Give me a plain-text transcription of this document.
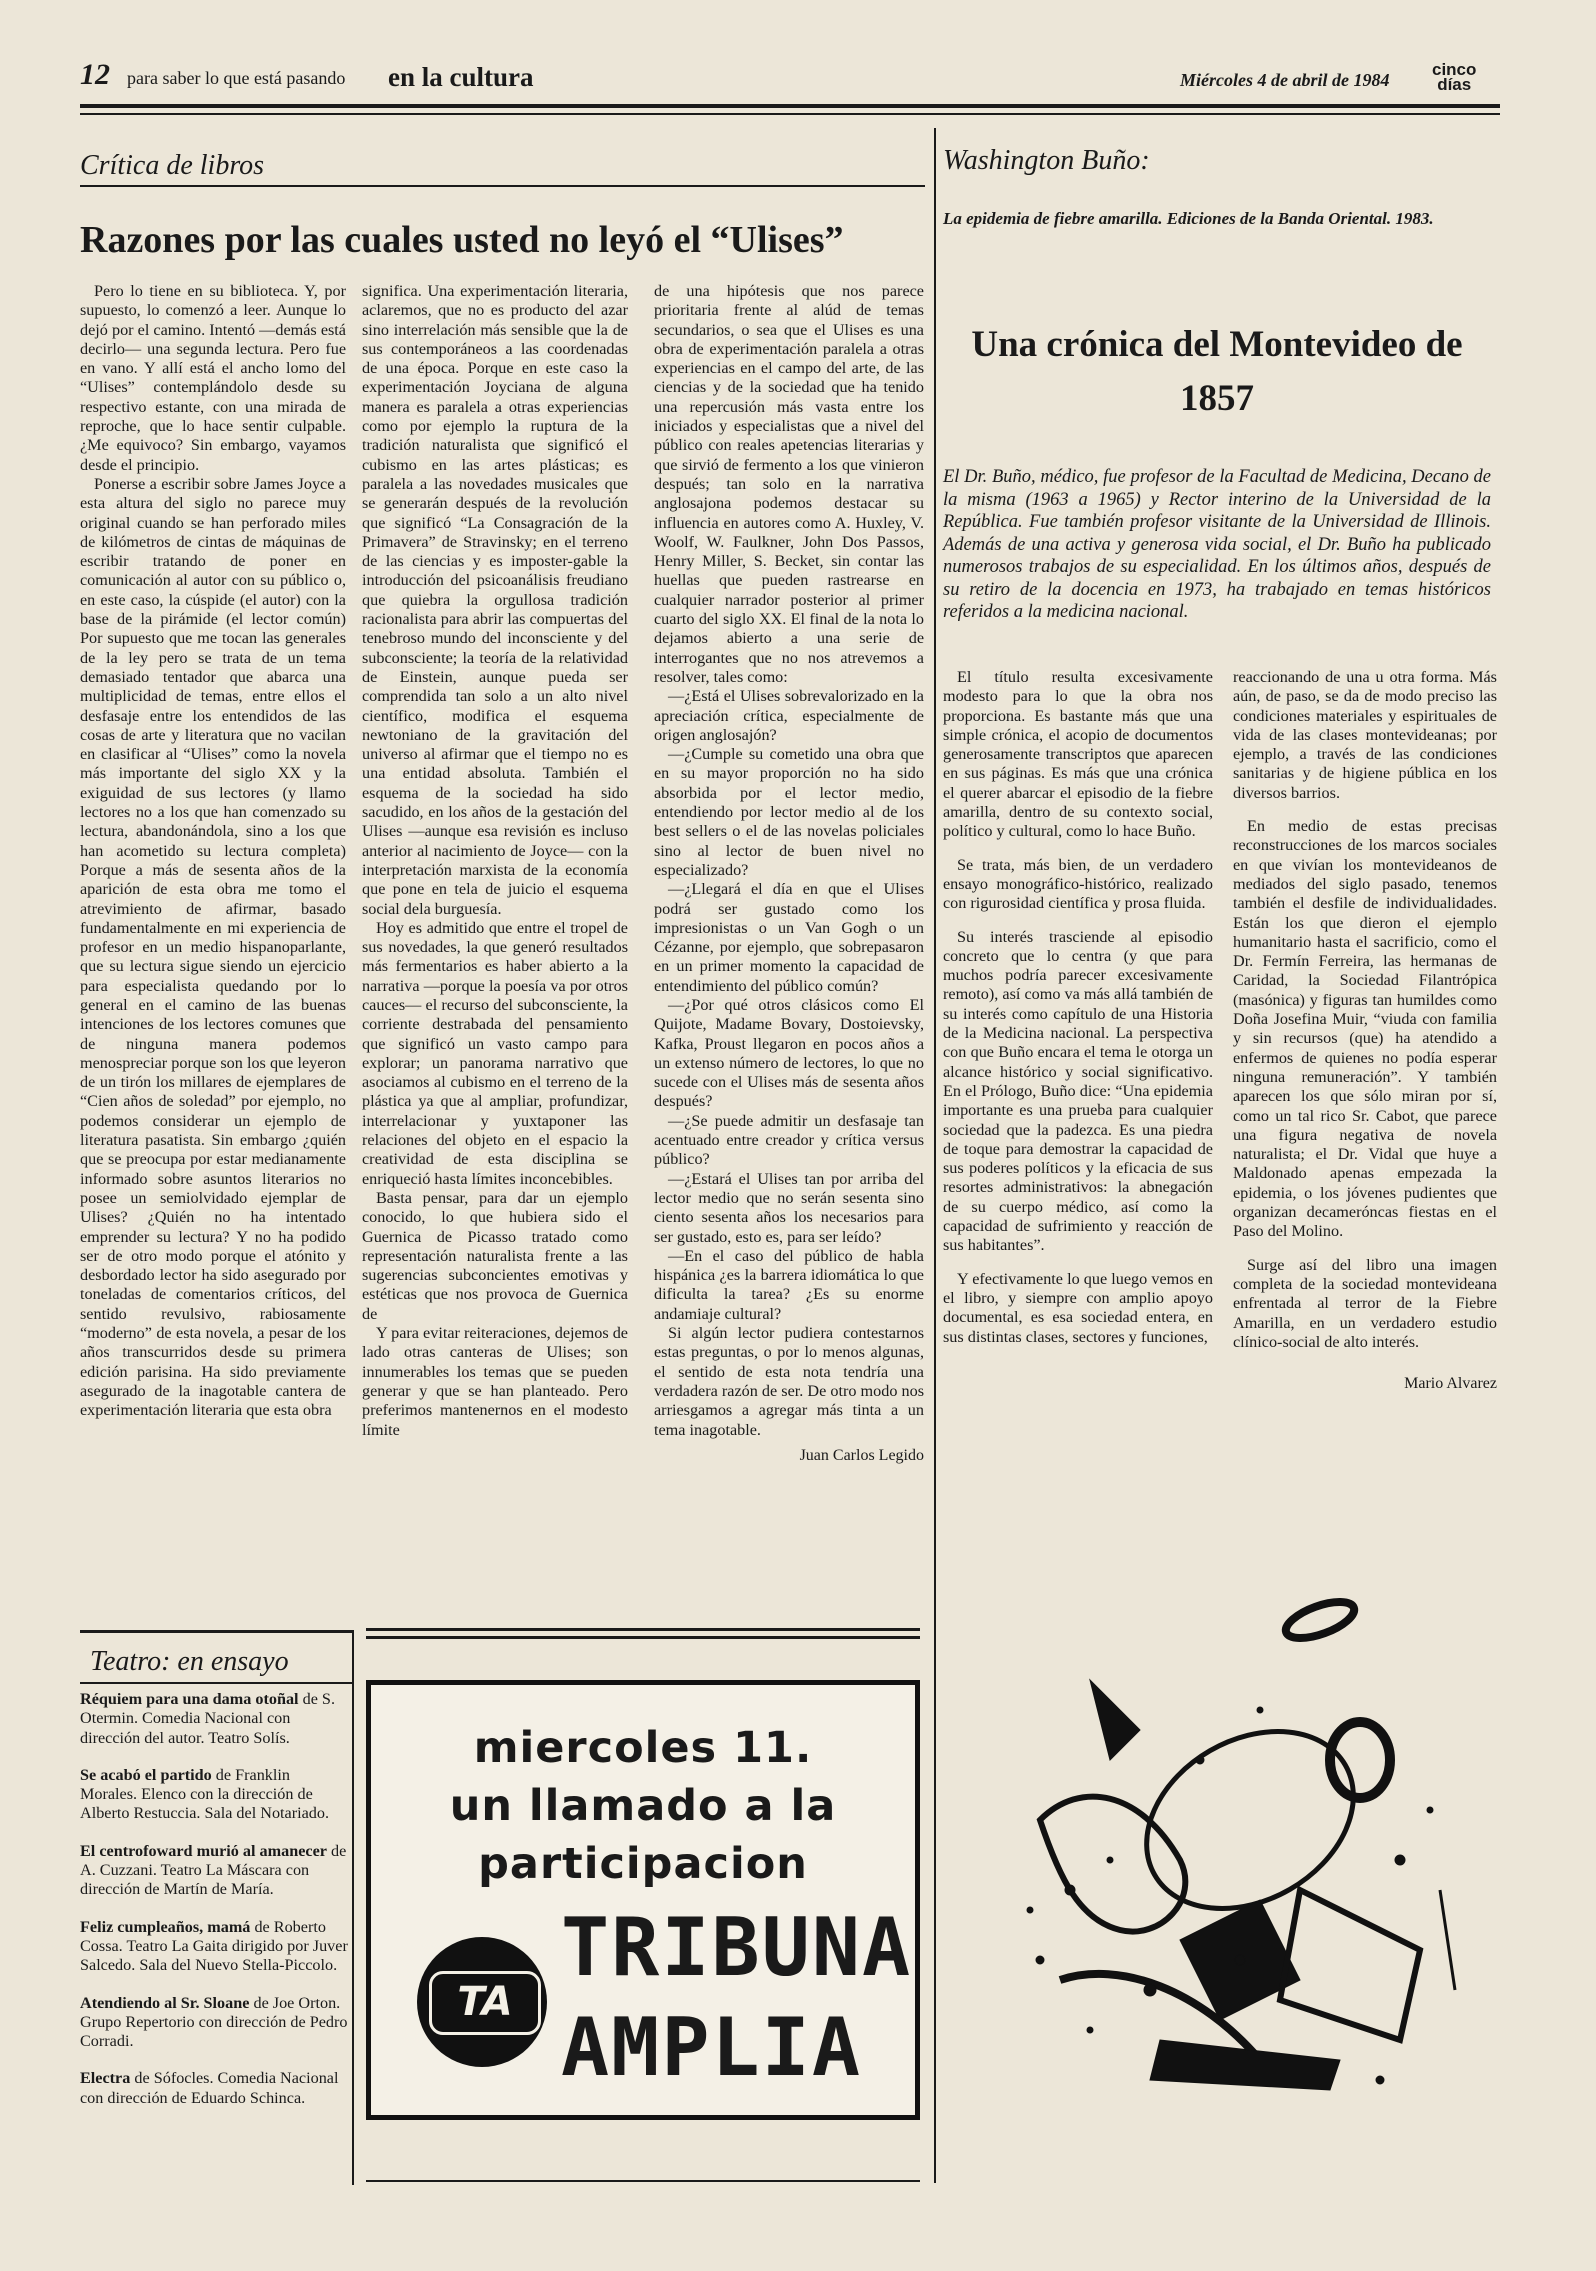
12 para saber lo que está pasando en la cultura	Miércoles 4 de abril de 1984
cinco
días
Crítica de libros
Razones por las cuales usted no leyó el “Ulises”

Pero lo tiene en su biblioteca. Y, por supuesto, lo comenzó a leer. Aunque lo dejó por el camino. Intentó —demás está decirlo— una segunda lectura. Pero fue en vano. Y allí está el ancho lomo del “Ulises” contemplándolo desde su respectivo estante, con una mirada de reproche, que lo hace sentir culpable. ¿Me equivoco? Sin embargo, vayamos desde el principio.

Ponerse a escribir sobre James Joyce a esta altura del siglo no parece muy original cuando se han perforado miles de kilómetros de cintas de máquinas de escribir tratando de poner en comunicación al autor con su público o, en este caso, la cúspide (el autor) con la base de la pirámide (el lector común) Por supuesto que me tocan las generales de la ley pero se trata de un tema demasiado tentador que abarca una multiplicidad de temas, entre ellos el desfasaje entre los entendidos de las cosas de arte y literatura que no vacilan en clasificar al “Ulises” como la novela más importante del siglo XX y la exiguidad de sus lectores (y llamo lectores no a los que han comenzado su lectura, abandonándola, sino a los que han acometido su lectura completa) Porque a más de sesenta años de la aparición de esta obra me tomo el atrevimiento de afirmar, basado fundamentalmente en mi experiencia de profesor en un medio hispanoparlante, que su lectura sigue siendo un ejercicio para especialista quedando por lo general en el camino de las buenas intenciones de los lectores comunes que de ninguna manera podemos menospreciar porque son los que leyeron de un tirón los millares de ejemplares de “Cien años de soledad” por ejemplo, no podemos considerar un ejemplo de literatura pasatista. Sin embargo ¿quién que se preocupa por estar medianamente informado sobre asuntos literarios no posee un semiolvidado ejemplar de Ulises? ¿Quién no ha intentado emprender su lectura? Y no ha podido ser de otro modo porque el atónito y desbordado lector ha sido asegurado por toneladas de comentarios críticos, del sentido revulsivo, rabiosamente “moderno” de esta novela, a pesar de los años transcurridos desde su primera edición parisina. Ha sido previamente asegurado de la inagotable cantera de experimentación literaria que esta obra

significa. Una experimentación literaria, aclaremos, que no es producto del azar sino interrelación más sensible que la de sus contemporáneos a las coordenadas de una época. Porque en este caso la experimentación Joyciana de alguna manera es paralela a otras experiencias como por ejemplo la ruptura de la tradición naturalista que significó el cubismo en las artes plásticas; es paralela a las novedades musicales que se generarán después de la revolución que significó “La Consagración de la Primavera” de Stravinsky; en el terreno de las ciencias y es imposter-gable la introducción del psicoanálisis freudiano que quiebra la orgullosa tradición racionalista para abrir las compuertas del tenebroso mundo del inconsciente y del subconsciente; la teoría de la relatividad de Einstein, aunque pueda ser comprendida tan solo a un alto nivel científico, modifica el esquema newtoniano de la gravitación del universo al afirmar que el tiempo no es una entidad absoluta. También el esquema de la sociedad ha sido sacudido, en los años de la gestación del Ulises —aunque esa revisión es incluso anterior al nacimiento de Joyce— con la interpretación marxista de la economía que pone en tela de juicio el esquema social dela burguesía.

Hoy es admitido que entre el tropel de sus novedades, la que generó resultados más fermentarios es haber abierto a la narrativa —porque la poesía va por otros cauces— el recurso del subconsciente, la corriente destrabada del pensamiento que significó un vasto campo para explorar; un panorama narrativo que asociamos al cubismo en el terreno de la plástica ya que al ampliar, profundizar, interrelacionar y yuxtaponer las relaciones del objeto en el espacio la creatividad de esta disciplina se enriqueció hasta límites inconcebibles.

Basta pensar, para dar un ejemplo conocido, lo que hubiera sido el Guernica de Picasso tratado como representación naturalista frente a las sugerencias subconcientes emotivas y estéticas que nos provoca de Guernica de

Y para evitar reiteraciones, dejemos de lado otras canteras de Ulises; son innumerables los temas que se pueden generar y que se han planteado. Pero preferimos mantenernos en el modesto límite

de una hipótesis que nos parece prioritaria frente al alúd de temas secundarios, o sea que el Ulises es una obra de experimentación paralela a otras experiencias en el campo del arte, de las ciencias y de la sociedad que ha tenido una repercusión más vasta entre los iniciados y especialistas que a nivel del público con reales apetencias literarias y que sirvió de fermento a los que vinieron después; tan solo en la narrativa anglosajona podemos destacar su influencia en autores como A. Huxley, V. Woolf, W. Faulkner, John Dos Passos, Henry Miller, S. Becket, sin contar las huellas que pueden rastrearse en cualquier narrador posterior al primer cuarto del siglo XX. El final de la nota lo dejamos abierto a una serie de interrogantes que no nos atrevemos a resolver, tales como:

—¿Está el Ulises sobrevalorizado en la apreciación crítica, especialmente de origen anglosajón?

—¿Cumple su cometido una obra que en su mayor proporción no ha sido absorbida por el lector medio, entendiendo por lector medio al de los best sellers o el de las novelas policiales sino al lector de buen nivel no especializado?

—¿Llegará el día en que el Ulises podrá ser gustado como los impresionistas o un Van Gogh o un Cézanne, por ejemplo, que sobrepasaron en un primer momento la capacidad de entendimiento del público común?

—¿Por qué otros clásicos como El Quijote, Madame Bovary, Dostoievsky, Kafka, Proust llegaron en pocos años a un extenso número de lectores, lo que no sucede con el Ulises más de sesenta años después?

—¿Se puede admitir un desfasaje tan acentuado entre creador y crítica versus público?

—¿Estará el Ulises tan por arriba del lector medio que no serán sesenta sino ciento sesenta años los necesarios para ser gustado, esto es, para ser leído?

—En el caso del público de habla hispánica ¿es la barrera idiomática lo que dificulta la tarea? ¿Es su enorme andamiaje cultural?

Si algún lector pudiera contestarnos estas preguntas, o por lo menos algunas, el sentido de esta nota tendría una verdadera razón de ser. De otro modo nos arriesgamos a agregar más tinta a un tema inagotable.

Juan Carlos Legido
Washington Buño:
La epidemia de fiebre amarilla. Ediciones de la Banda Oriental. 1983.
Una crónica del Montevideo de 1857
El Dr. Buño, médico, fue profesor de la Facultad de Medicina, Decano de la misma (1963 a 1965) y Rector interino de la Universidad de la República. Fue también profesor visitante de la Universidad de Illinois. Además de una activa y generosa vida social, el Dr. Buño ha publicado numerosos trabajos de su especialidad. En los últimos años, después de su retiro de la docencia en 1973, ha trabajado en temas históricos referidos a la medicina nacional.

El título resulta excesivamente modesto para lo que la obra nos proporciona. Es bastante más que una simple crónica, el acopio de documentos generosamente transcriptos que aparecen en sus páginas. Es más que una crónica el querer abarcar el episodio de la fiebre amarilla, dentro de su contexto social, político y cultural, como lo hace Buño.

Se trata, más bien, de un verdadero ensayo monográfico-histórico, realizado con rigurosidad científica y prosa fluida.

Su interés trasciende al episodio concreto que lo centra (y que para muchos podría parecer excesivamente remoto), así como va más allá también de su interés como capítulo de una Historia de la Medicina nacional. La perspectiva con que Buño encara el tema le otorga un alcance histórico y social significativo. En el Prólogo, Buño dice: “Una epidemia importante es una prueba para cualquier sociedad que la padezca. Es una piedra de toque para demostrar la capacidad de sus poderes políticos y la eficacia de sus resortes administrativos: la abnegación de su cuerpo médico, así como la capacidad de sufrimiento y reacción de sus habitantes”.

Y efectivamente lo que luego vemos en el libro, y siempre con amplio apoyo documental, es esa sociedad entera, en sus distintas clases, sectores y funciones,

reaccionando de una u otra forma. Más aún, de paso, se da de modo preciso las condiciones materiales y espirituales de vida de las clases montevideanas; por ejemplo, a través de las condiciones sanitarias y de higiene pública en los diversos barrios.

En medio de estas precisas reconstrucciones de los marcos sociales en que vivían los montevideanos de mediados del siglo pasado, tenemos también el desfile de individualidades. Están los que dieron el ejemplo humanitario hasta el sacrificio, como el Dr. Fermín Ferreira, las hermanas de Caridad, la Sociedad Filantrópica (masónica) y figuras tan humildes como Doña Josefina Muir, “viuda con familia y sin recursos (que) ha atendido a enfermos de quienes no podía esperar ninguna remuneración”. Y también aparecen los que sólo miran por sí, como un tal rico Sr. Cabot, que parece una figura negativa de novela naturalista; el Dr. Vidal que huye a Maldonado apenas empezada la epidemia, o los jóvenes pudientes que organizan decameróncas fiestas en el Paso del Molino.

Surge así del libro una imagen completa de la sociedad montevideana enfrentada al terror de la Fiebre Amarilla, en un verdadero estudio clínico-social de alto interés.

Mario Alvarez
Teatro: en ensayo

Réquiem para una dama otoñal de S. Otermin. Comedia Nacional con dirección del autor. Teatro Solís.

Se acabó el partido de Franklin Morales. Elenco con la dirección de Alberto Restuccia. Sala del Notariado.

El centrofoward murió al amanecer de A. Cuzzani. Teatro La Máscara con dirección de Martín de María.

Feliz cumpleaños, mamá de Roberto Cossa. Teatro La Gaita dirigido por Juver Salcedo. Sala del Nuevo Stella-Piccolo.

Atendiendo al Sr. Sloane de Joe Orton. Grupo Repertorio con dirección de Pedro Corradi.

Electra de Sófocles. Comedia Nacional con dirección de Eduardo Schinca.

miercoles 11.
un llamado a la
participacion
TA
TRIBUNA
AMPLIA
